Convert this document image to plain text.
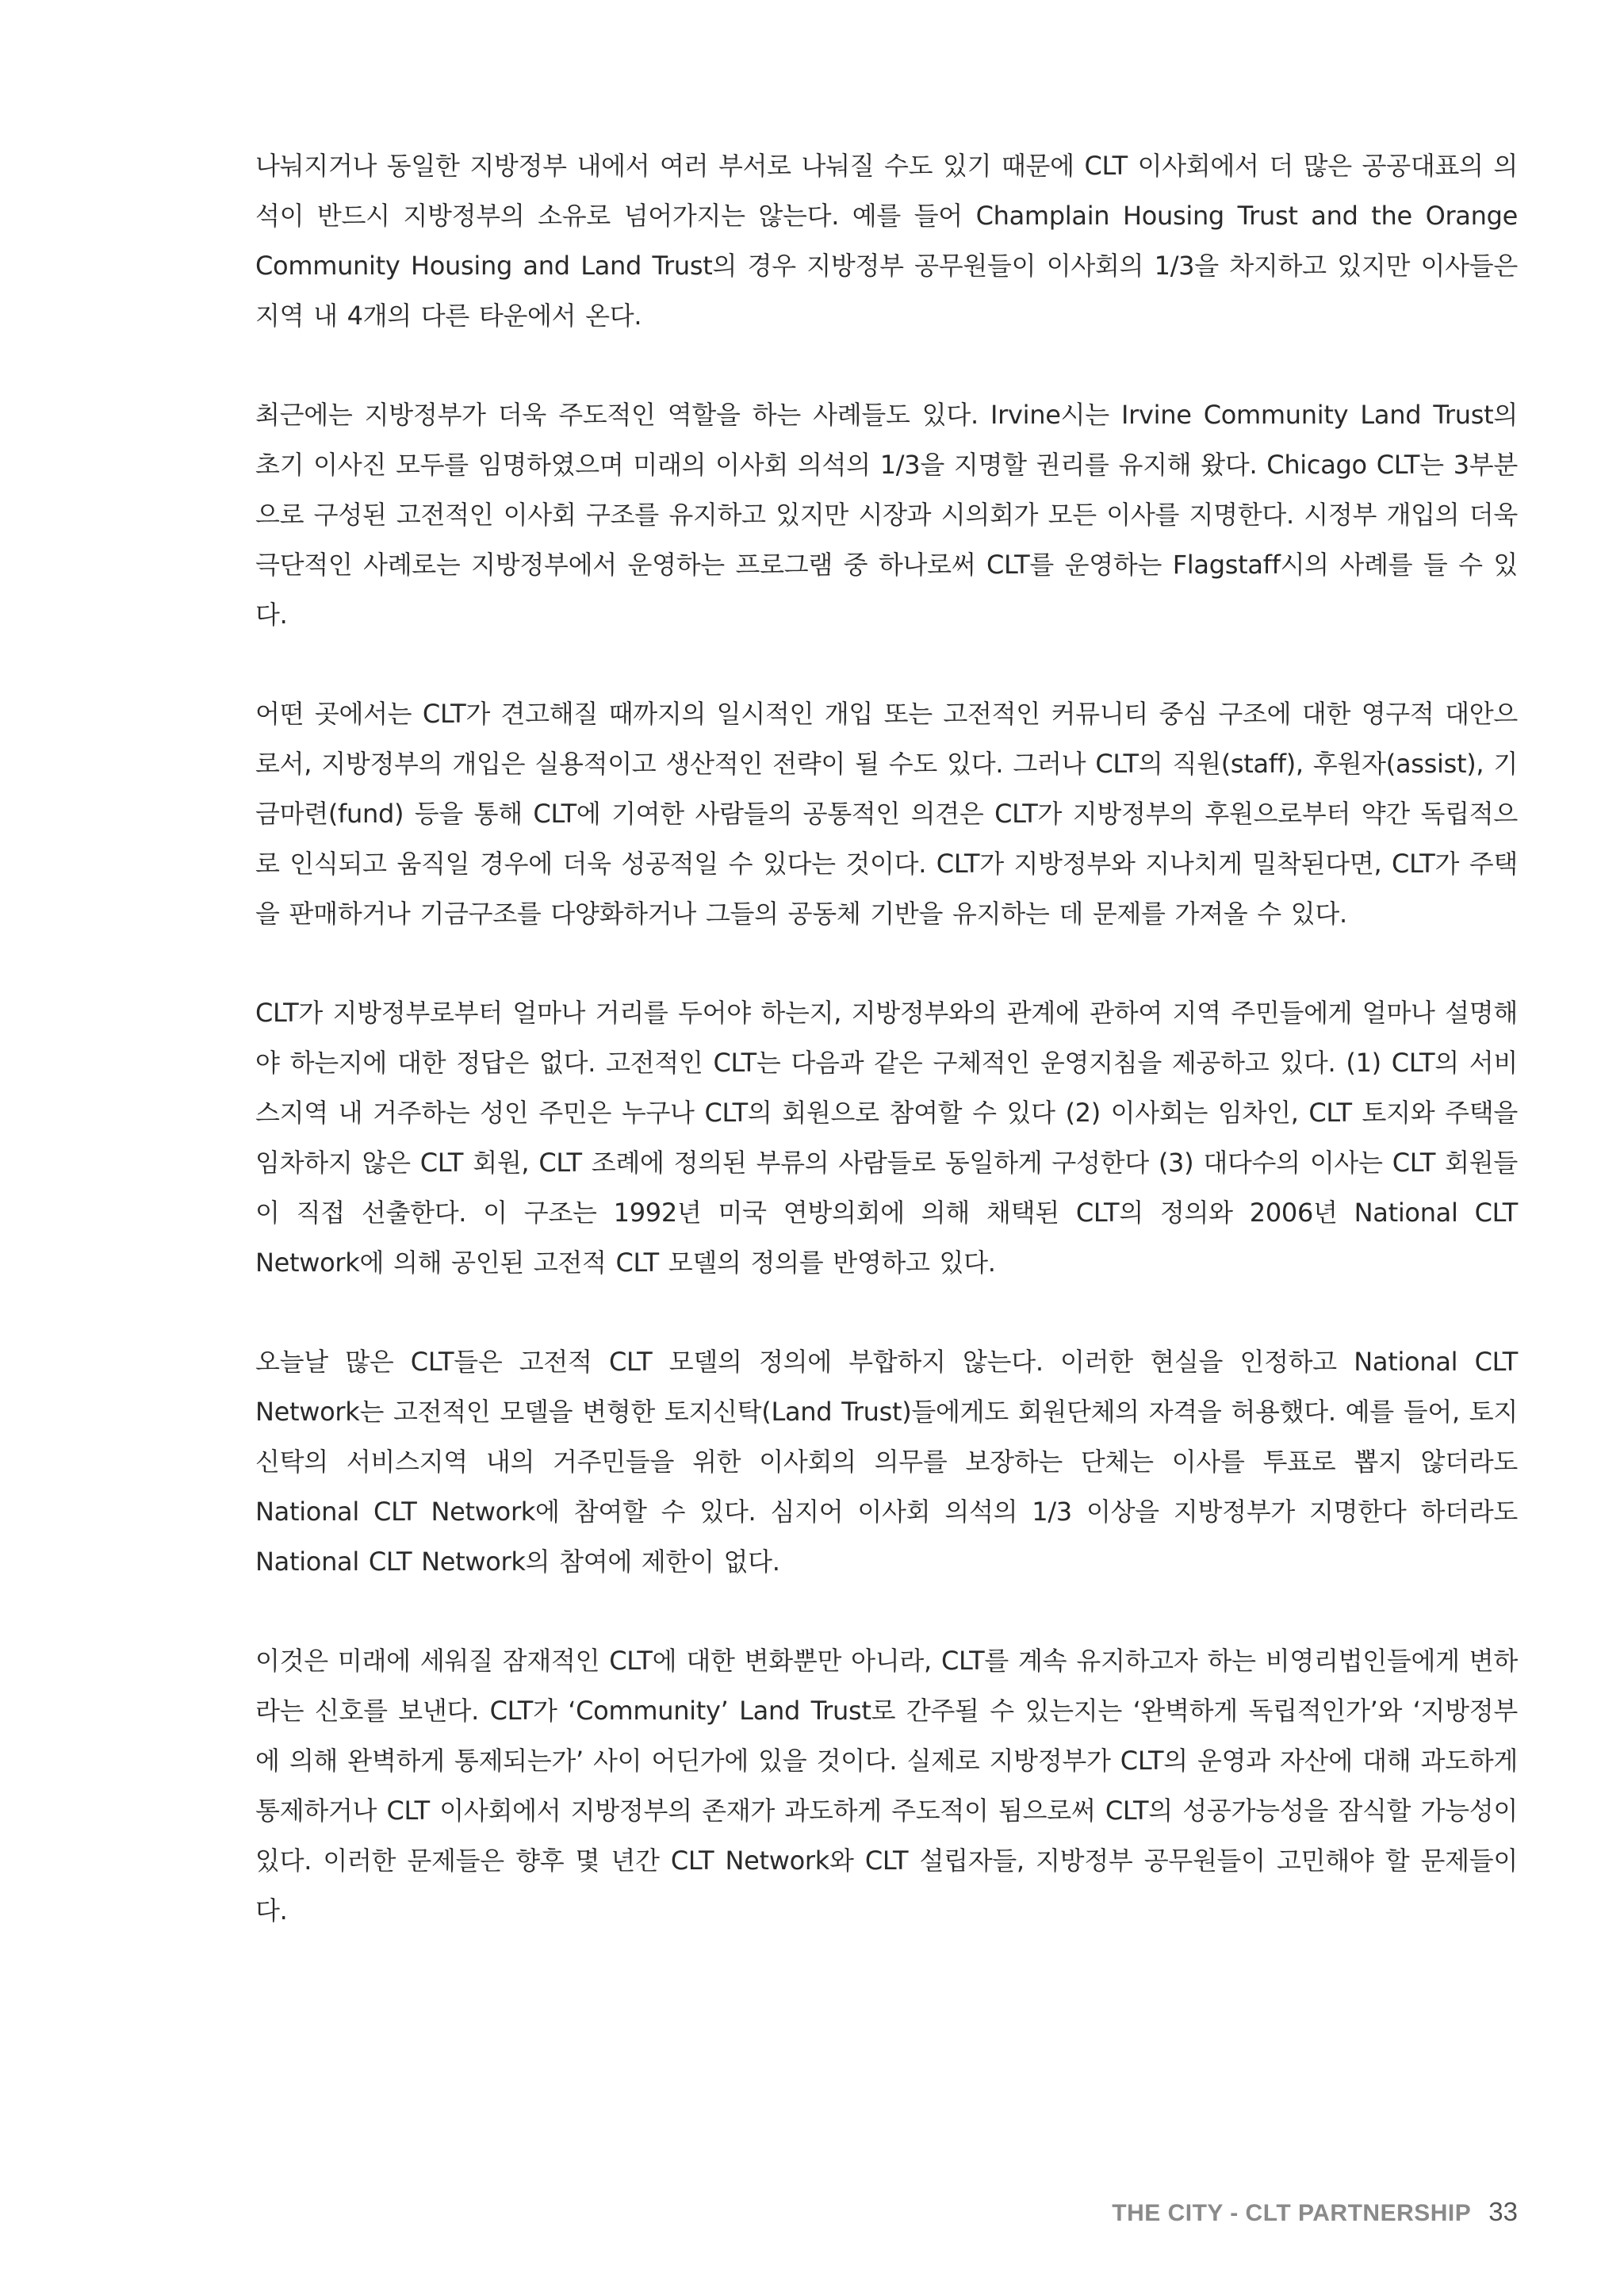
나눠지거나 동일한 지방정부 내에서 여러 부서로 나눠질 수도 있기 때문에 CLT 이사회에서 더 많은 공공대표의 의석이 반드시 지방정부의 소유로 넘어가지는 않는다. 예를 들어 Champlain Housing Trust and the Orange Community Housing and Land Trust의 경우 지방정부 공무원들이 이사회의 1/3을 차지하고 있지만 이사들은 지역 내 4개의 다른 타운에서 온다.

최근에는 지방정부가 더욱 주도적인 역할을 하는 사례들도 있다. Irvine시는 Irvine Community Land Trust의 초기 이사진 모두를 임명하였으며 미래의 이사회 의석의 1/3을 지명할 권리를 유지해 왔다. Chicago CLT는 3부분으로 구성된 고전적인 이사회 구조를 유지하고 있지만 시장과 시의회가 모든 이사를 지명한다. 시정부 개입의 더욱 극단적인 사례로는 지방정부에서 운영하는 프로그램 중 하나로써 CLT를 운영하는 Flagstaff시의 사례를 들 수 있다.

어떤 곳에서는 CLT가 견고해질 때까지의 일시적인 개입 또는 고전적인 커뮤니티 중심 구조에 대한 영구적 대안으로서, 지방정부의 개입은 실용적이고 생산적인 전략이 될 수도 있다. 그러나 CLT의 직원(staff), 후원자(assist), 기금마련(fund) 등을 통해 CLT에 기여한 사람들의 공통적인 의견은 CLT가 지방정부의 후원으로부터 약간 독립적으로 인식되고 움직일 경우에 더욱 성공적일 수 있다는 것이다. CLT가 지방정부와 지나치게 밀착된다면, CLT가 주택을 판매하거나 기금구조를 다양화하거나 그들의 공동체 기반을 유지하는 데 문제를 가져올 수 있다.

CLT가 지방정부로부터 얼마나 거리를 두어야 하는지, 지방정부와의 관계에 관하여 지역 주민들에게 얼마나 설명해야 하는지에 대한 정답은 없다. 고전적인 CLT는 다음과 같은 구체적인 운영지침을 제공하고 있다. (1) CLT의 서비스지역 내 거주하는 성인 주민은 누구나 CLT의 회원으로 참여할 수 있다 (2) 이사회는 임차인, CLT 토지와 주택을 임차하지 않은 CLT 회원, CLT 조례에 정의된 부류의 사람들로 동일하게 구성한다 (3) 대다수의 이사는 CLT 회원들이 직접 선출한다. 이 구조는 1992년 미국 연방의회에 의해 채택된 CLT의 정의와 2006년 National CLT Network에 의해 공인된 고전적 CLT 모델의 정의를 반영하고 있다.

오늘날 많은 CLT들은 고전적 CLT 모델의 정의에 부합하지 않는다. 이러한 현실을 인정하고 National CLT Network는 고전적인 모델을 변형한 토지신탁(Land Trust)들에게도 회원단체의 자격을 허용했다. 예를 들어, 토지신탁의 서비스지역 내의 거주민들을 위한 이사회의 의무를 보장하는 단체는 이사를 투표로 뽑지 않더라도 National CLT Network에 참여할 수 있다. 심지어 이사회 의석의 1/3 이상을 지방정부가 지명한다 하더라도 National CLT Network의 참여에 제한이 없다.

이것은 미래에 세워질 잠재적인 CLT에 대한 변화뿐만 아니라, CLT를 계속 유지하고자 하는 비영리법인들에게 변하라는 신호를 보낸다. CLT가 ‘Community’ Land Trust로 간주될 수 있는지는 ‘완벽하게 독립적인가’와 ‘지방정부에 의해 완벽하게 통제되는가’ 사이 어딘가에 있을 것이다. 실제로 지방정부가 CLT의 운영과 자산에 대해 과도하게 통제하거나 CLT 이사회에서 지방정부의 존재가 과도하게 주도적이 됨으로써 CLT의 성공가능성을 잠식할 가능성이 있다. 이러한 문제들은 향후 몇 년간 CLT Network와 CLT 설립자들, 지방정부 공무원들이 고민해야 할 문제들이다.

THE CITY - CLT PARTNERSHIP 33
